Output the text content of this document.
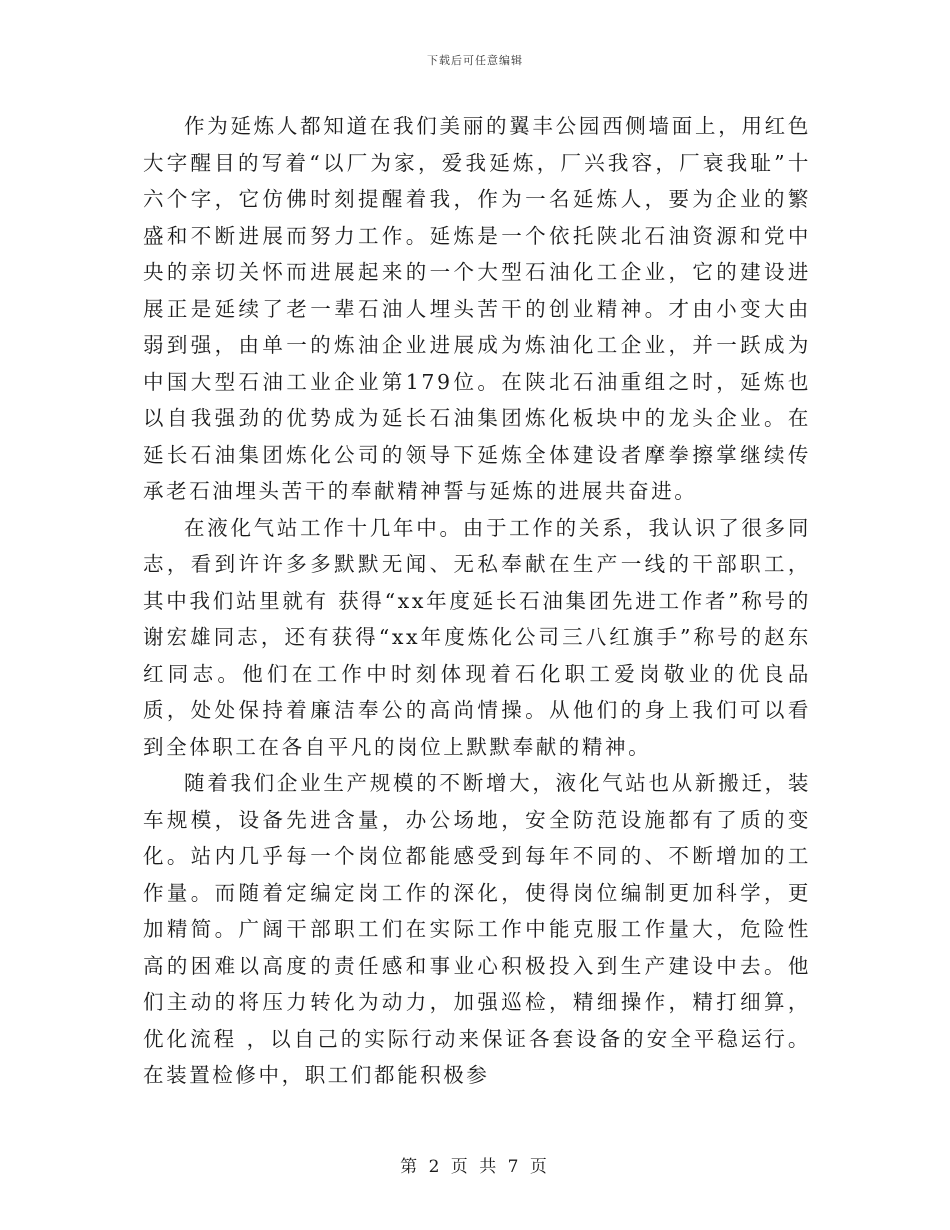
下载后可任意编辑

作为延炼人都知道在我们美丽的翼丰公园西侧墙面上，用红色大字醒目的写着“以厂为家，爱我延炼，厂兴我容，厂衰我耻”十六个字，它仿佛时刻提醒着我，作为一名延炼人，要为企业的繁盛和不断进展而努力工作。延炼是一个依托陕北石油资源和党中央的亲切关怀而进展起来的一个大型石油化工企业，它的建设进展正是延续了老一辈石油人埋头苦干的创业精神。才由小变大由弱到强，由单一的炼油企业进展成为炼油化工企业，并一跃成为中国大型石油工业企业第179位。在陕北石油重组之时，延炼也以自我强劲的优势成为延长石油集团炼化板块中的龙头企业。在延长石油集团炼化公司的领导下延炼全体建设者摩拳擦掌继续传承老石油埋头苦干的奉献精神誓与延炼的进展共奋进。

在液化气站工作十几年中。由于工作的关系，我认识了很多同志，看到许许多多默默无闻、无私奉献在生产一线的干部职工，其中我们站里就有 获得“xx年度延长石油集团先进工作者”称号的谢宏雄同志，还有获得“xx年度炼化公司三八红旗手”称号的赵东红同志。他们在工作中时刻体现着石化职工爱岗敬业的优良品质，处处保持着廉洁奉公的高尚情操。从他们的身上我们可以看到全体职工在各自平凡的岗位上默默奉献的精神。

随着我们企业生产规模的不断增大，液化气站也从新搬迁，装车规模，设备先进含量，办公场地，安全防范设施都有了质的变化。站内几乎每一个岗位都能感受到每年不同的、不断增加的工作量。而随着定编定岗工作的深化，使得岗位编制更加科学，更加精简。广阔干部职工们在实际工作中能克服工作量大，危险性高的困难以高度的责任感和事业心积极投入到生产建设中去。他们主动的将压力转化为动力，加强巡检，精细操作，精打细算，优化流程 ，以自己的实际行动来保证各套设备的安全平稳运行。在装置检修中，职工们都能积极参

第 2 页 共 7 页
